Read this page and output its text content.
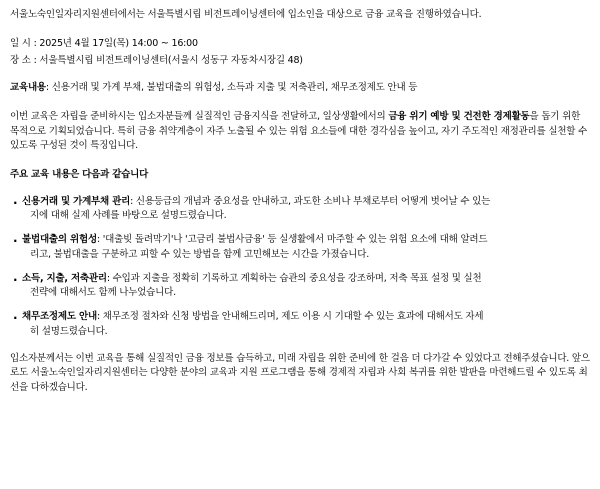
서울노숙인일자리지원센터에서는 서울특별시립 비전트레이닝센터에 입소인을 대상으로 금융 교육을 진행하였습니다.

일 시 : 2025년 4월 17일(목) 14:00 ~ 16:00
장 소 : 서울특별시립 비전트레이닝센터(서울시 성동구 자동차시장길 48)
교육내용: 신용거래 및 가계 부채, 불법대출의 위험성, 소득과 지출 및 저축관리, 채무조정제도 안내 등

이번 교육은 자립을 준비하시는 입소자분들께 실질적인 금융지식을 전달하고, 일상생활에서의 금융 위기 예방 및 건전한 경제활동을 돕기 위한 목적으로 기획되었습니다. 특히 금융 취약계층이 자주 노출될 수 있는 위험 요소들에 대한 경각심을 높이고, 자기 주도적인 재정관리를 실천할 수 있도록 구성된 것이 특징입니다.

주요 교육 내용은 다음과 같습니다

· 신용거래 및 가계부채 관리: 신용등급의 개념과 중요성을 안내하고, 과도한 소비나 부채로부터 어떻게 벗어날 수 있는
지에 대해 실제 사례를 바탕으로 설명드렸습니다.
· 불법대출의 위험성: '대출빚 돌려막기'나 '고금리 불법사금융' 등 실생활에서 마주할 수 있는 위험 요소에 대해 알려드
리고, 불법대출을 구분하고 피할 수 있는 방법을 함께 고민해보는 시간을 가졌습니다.
· 소득, 지출, 저축관리: 수입과 지출을 정확히 기록하고 계획하는 습관의 중요성을 강조하며, 저축 목표 설정 및 실천
전략에 대해서도 함께 나누었습니다.
· 채무조정제도 안내: 채무조정 절차와 신청 방법을 안내해드리며, 제도 이용 시 기대할 수 있는 효과에 대해서도 자세
히 설명드렸습니다.

입소자분께서는 이번 교육을 통해 실질적인 금융 정보를 습득하고, 미래 자립을 위한 준비에 한 걸음 더 다가갈 수 있었다고 전해주셨습니다. 앞으로도 서울노숙인일자리지원센터는 다양한 분야의 교육과 지원 프로그램을 통해 경제적 자립과 사회 복귀를 위한 발판을 마련해드릴 수 있도록 최선을 다하겠습니다.
